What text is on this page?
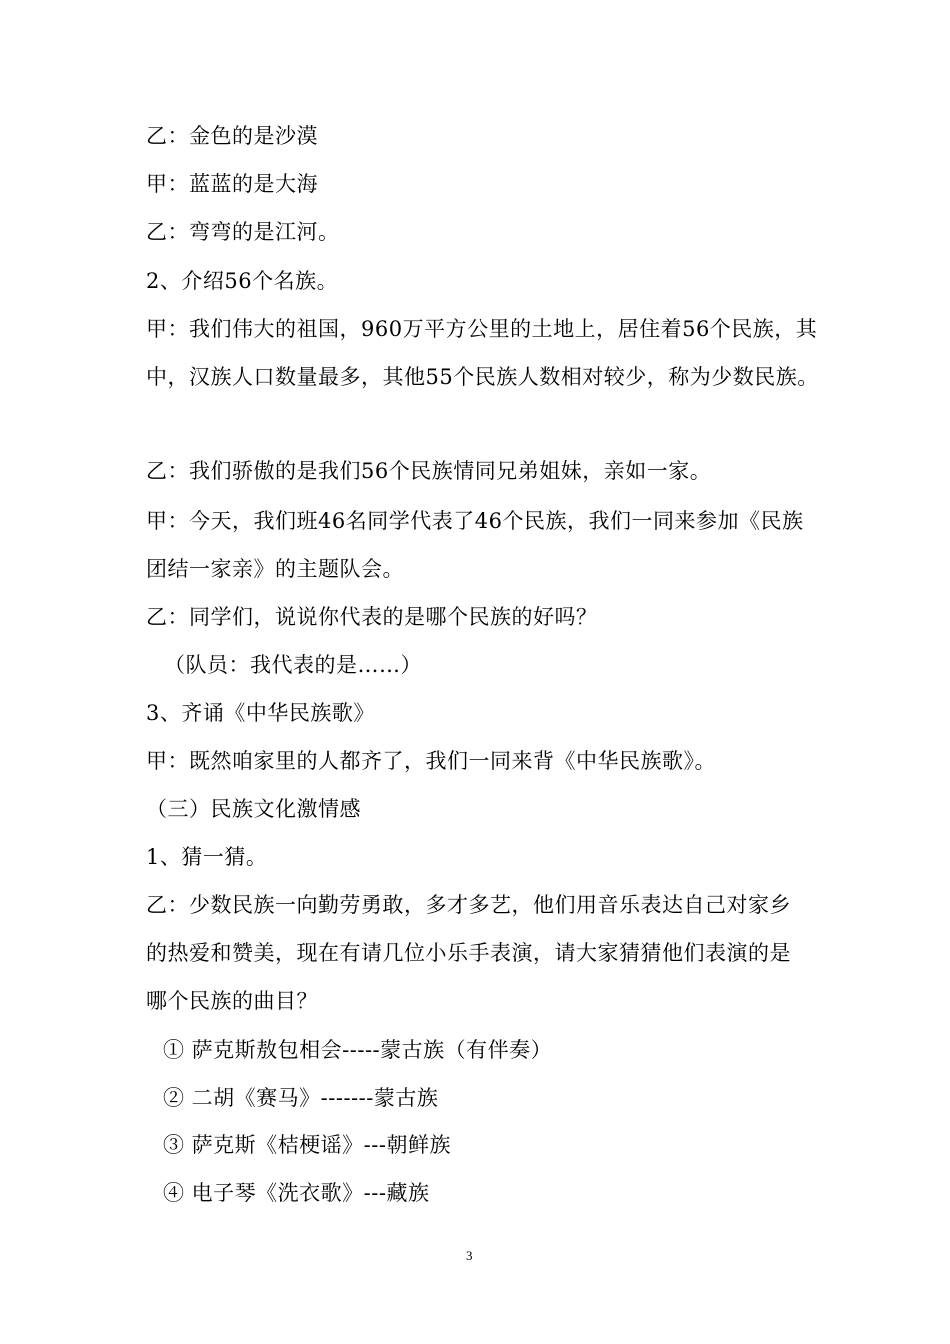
乙：金色的是沙漠
甲：蓝蓝的是大海
乙：弯弯的是江河。
2、介绍56个名族。
甲：我们伟大的祖国，960万平方公里的土地上，居住着56个民族，其
中，汉族人口数量最多，其他55个民族人数相对较少，称为少数民族。
乙：我们骄傲的是我们56个民族情同兄弟姐妹，亲如一家。
甲：今天，我们班46名同学代表了46个民族，我们一同来参加《民族
团结一家亲》的主题队会。
乙：同学们，说说你代表的是哪个民族的好吗？
（队员：我代表的是……）
3、齐诵《中华民族歌》
甲：既然咱家里的人都齐了，我们一同来背《中华民族歌》。
（三）民族文化激情感
1、猜一猜。
乙：少数民族一向勤劳勇敢，多才多艺，他们用音乐表达自己对家乡
的热爱和赞美，现在有请几位小乐手表演，请大家猜猜他们表演的是
哪个民族的曲目？
① 萨克斯敖包相会-----蒙古族（有伴奏）
② 二胡《赛马》-------蒙古族
③ 萨克斯《桔梗谣》---朝鲜族
④ 电子琴《洗衣歌》---藏族
3
